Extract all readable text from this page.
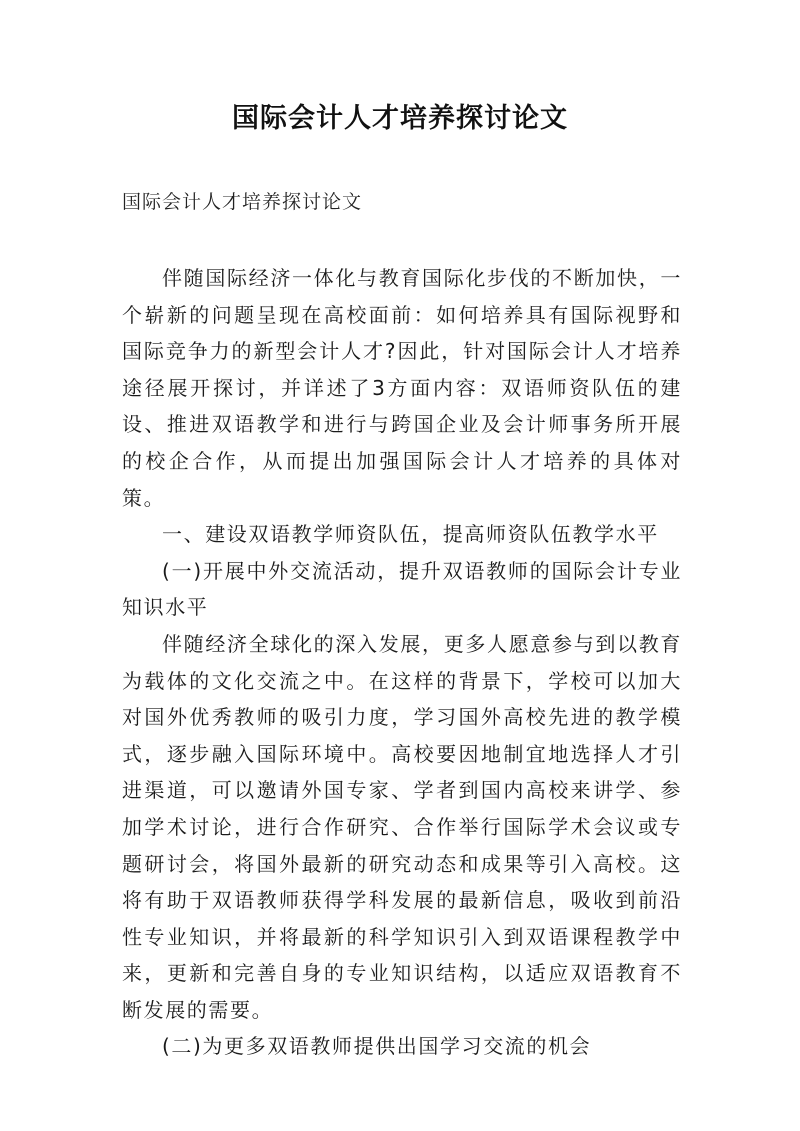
国际会计人才培养探讨论文
国际会计人才培养探讨论文

伴随国际经济一体化与教育国际化步伐的不断加快，一个崭新的问题呈现在高校面前：如何培养具有国际视野和国际竞争力的新型会计人才?因此，针对国际会计人才培养途径展开探讨，并详述了3方面内容：双语师资队伍的建设、推进双语教学和进行与跨国企业及会计师事务所开展的校企合作，从而提出加强国际会计人才培养的具体对策。

一、建设双语教学师资队伍，提高师资队伍教学水平

(一)开展中外交流活动，提升双语教师的国际会计专业知识水平

伴随经济全球化的深入发展，更多人愿意参与到以教育为载体的文化交流之中。在这样的背景下，学校可以加大对国外优秀教师的吸引力度，学习国外高校先进的教学模式，逐步融入国际环境中。高校要因地制宜地选择人才引进渠道，可以邀请外国专家、学者到国内高校来讲学、参加学术讨论，进行合作研究、合作举行国际学术会议或专题研讨会，将国外最新的研究动态和成果等引入高校。这将有助于双语教师获得学科发展的最新信息，吸收到前沿性专业知识，并将最新的科学知识引入到双语课程教学中来，更新和完善自身的专业知识结构，以适应双语教育不断发展的需要。

(二)为更多双语教师提供出国学习交流的机会
